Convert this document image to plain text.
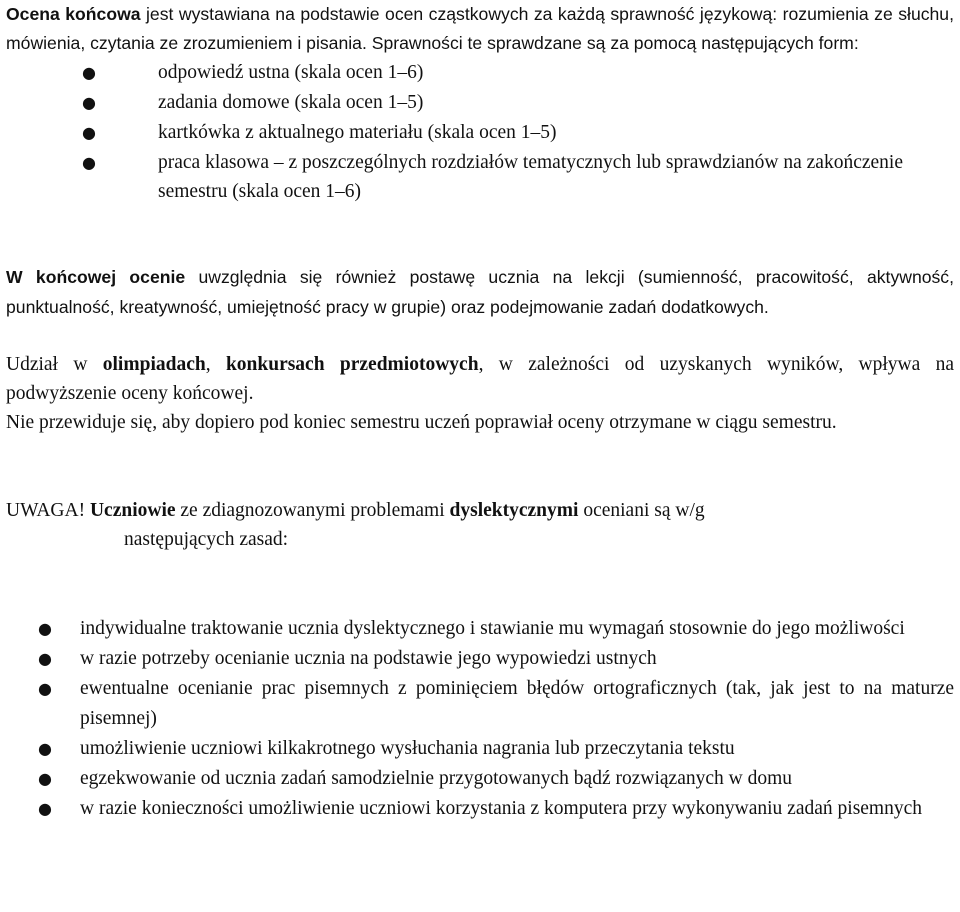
Ocena końcowa jest wystawiana na podstawie ocen cząstkowych za każdą sprawność językową: rozumienia ze słuchu, mówienia, czytania ze zrozumieniem i pisania. Sprawności te sprawdzane są za pomocą następujących form:

●	odpowiedź ustna (skala ocen 1–6)
●	zadania domowe (skala ocen 1–5)
●	kartkówka z aktualnego materiału (skala ocen 1–5)
●	praca klasowa – z poszczególnych rozdziałów tematycznych lub sprawdzianów na zakończenie semestru (skala ocen 1–6)

W końcowej ocenie uwzględnia się również postawę ucznia na lekcji (sumienność, pracowitość, aktywność, punktualność, kreatywność, umiejętność pracy w grupie) oraz podejmowanie zadań dodatkowych.

Udział w olimpiadach, konkursach przedmiotowych, w zależności od uzyskanych wyników, wpływa na podwyższenie oceny końcowej.

Nie przewiduje się, aby dopiero pod koniec semestru uczeń poprawiał oceny otrzymane w ciągu semestru.

UWAGA! Uczniowie ze zdiagnozowanymi problemami dyslektycznymi oceniani są w/g

następujących zasad:

● indywidualne traktowanie ucznia dyslektycznego i stawianie mu wymagań stosownie do jego możliwości
● w razie potrzeby ocenianie ucznia na podstawie jego wypowiedzi ustnych
● ewentualne ocenianie prac pisemnych z pominięciem błędów ortograficznych (tak, jak jest to na maturze pisemnej)
● umożliwienie uczniowi kilkakrotnego wysłuchania nagrania lub przeczytania tekstu
● egzekwowanie od ucznia zadań samodzielnie przygotowanych bądź rozwiązanych w domu
● w razie konieczności umożliwienie uczniowi korzystania z komputera przy wykonywaniu zadań pisemnych
